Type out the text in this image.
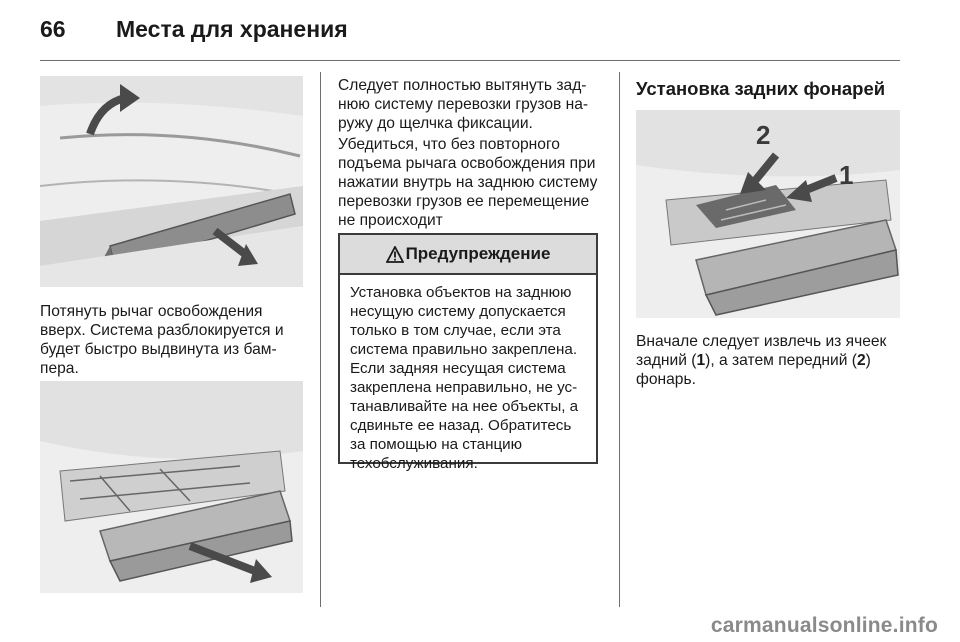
66 Места для хранения

Потянуть рычаг освобождения вверх. Система разблокируется и будет быстро выдвинута из бампера.

Следует полностью вытянуть заднюю систему перевозки грузов наружу до щелчка фиксации.

Убедиться, что без повторного подъема рычага освобождения при нажатии внутрь на заднюю систему перевозки грузов ее перемещение не происходит

Предупреждение

Установка объектов на заднюю несущую систему допускается только в том случае, если эта система правильно закреплена. Если задняя несущая система закреплена неправильно, не устанавливайте на нее объекты, а сдвиньте ее назад. Обратитесь за помощью на станцию техобслуживания.

Установка задних фонарей
2
1

Вначале следует извлечь из ячеек задний (1), а затем передний (2) фонарь.

carmanualsonline.info
